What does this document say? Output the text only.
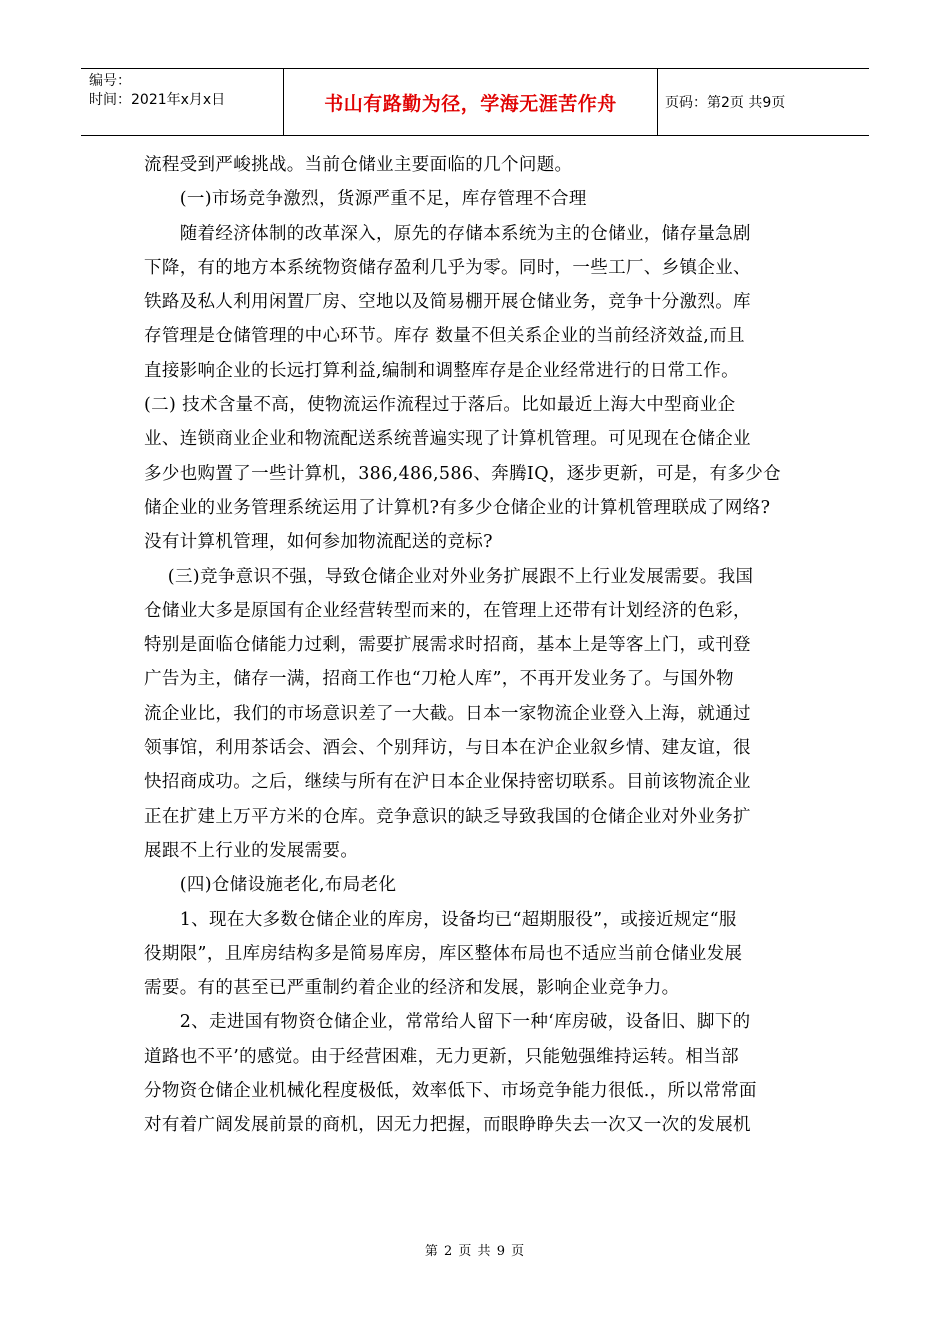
编号：
时间：2021年x月x日	书山有路勤为径，学海无涯苦作舟	页码：第2页 共9页
流程受到严峻挑战。当前仓储业主要面临的几个问题。
　　(一)市场竞争激烈，货源严重不足，库存管理不合理
　　随着经济体制的改革深入，原先的存储本系统为主的仓储业，储存量急剧
下降，有的地方本系统物资储存盈利几乎为零。同时，一些工厂、乡镇企业、
铁路及私人利用闲置厂房、空地以及简易棚开展仓储业务，竞争十分激烈。库
存管理是仓储管理的中心环节。库存 数量不但关系企业的当前经济效益,而且
直接影响企业的长远打算利益,编制和调整库存是企业经常进行的日常工作。
(二) 技术含量不高，使物流运作流程过于落后。比如最近上海大中型商业企
业、连锁商业企业和物流配送系统普遍实现了计算机管理。可见现在仓储企业
多少也购置了一些计算机，386,486,586、奔腾IQ，逐步更新，可是，有多少仓
储企业的业务管理系统运用了计算机?有多少仓储企业的计算机管理联成了网络?
没有计算机管理，如何参加物流配送的竞标?
　 (三)竞争意识不强，导致仓储企业对外业务扩展跟不上行业发展需要。我国
仓储业大多是原国有企业经营转型而来的，在管理上还带有计划经济的色彩，
特别是面临仓储能力过剩，需要扩展需求时招商，基本上是等客上门，或刊登
广告为主，储存一满，招商工作也“刀枪人库”，不再开发业务了。与国外物
流企业比，我们的市场意识差了一大截。日本一家物流企业登入上海，就通过
领事馆，利用茶话会、酒会、个别拜访，与日本在沪企业叙乡情、建友谊，很
快招商成功。之后，继续与所有在沪日本企业保持密切联系。目前该物流企业
正在扩建上万平方米的仓库。竞争意识的缺乏导致我国的仓储企业对外业务扩
展跟不上行业的发展需要。
　　(四)仓储设施老化,布局老化
　　1、现在大多数仓储企业的库房，设备均已“超期服役”，或接近规定“服
役期限”，且库房结构多是简易库房，库区整体布局也不适应当前仓储业发展
需要。有的甚至已严重制约着企业的经济和发展，影响企业竞争力。
　　2、走进国有物资仓储企业，常常给人留下一种‘库房破，设备旧、脚下的
道路也不平’的感觉。由于经营困难，无力更新，只能勉强维持运转。相当部
分物资仓储企业机械化程度极低，效率低下、市场竞争能力很低.，所以常常面
对有着广阔发展前景的商机，因无力把握，而眼睁睁失去一次又一次的发展机
第 2 页 共 9 页
